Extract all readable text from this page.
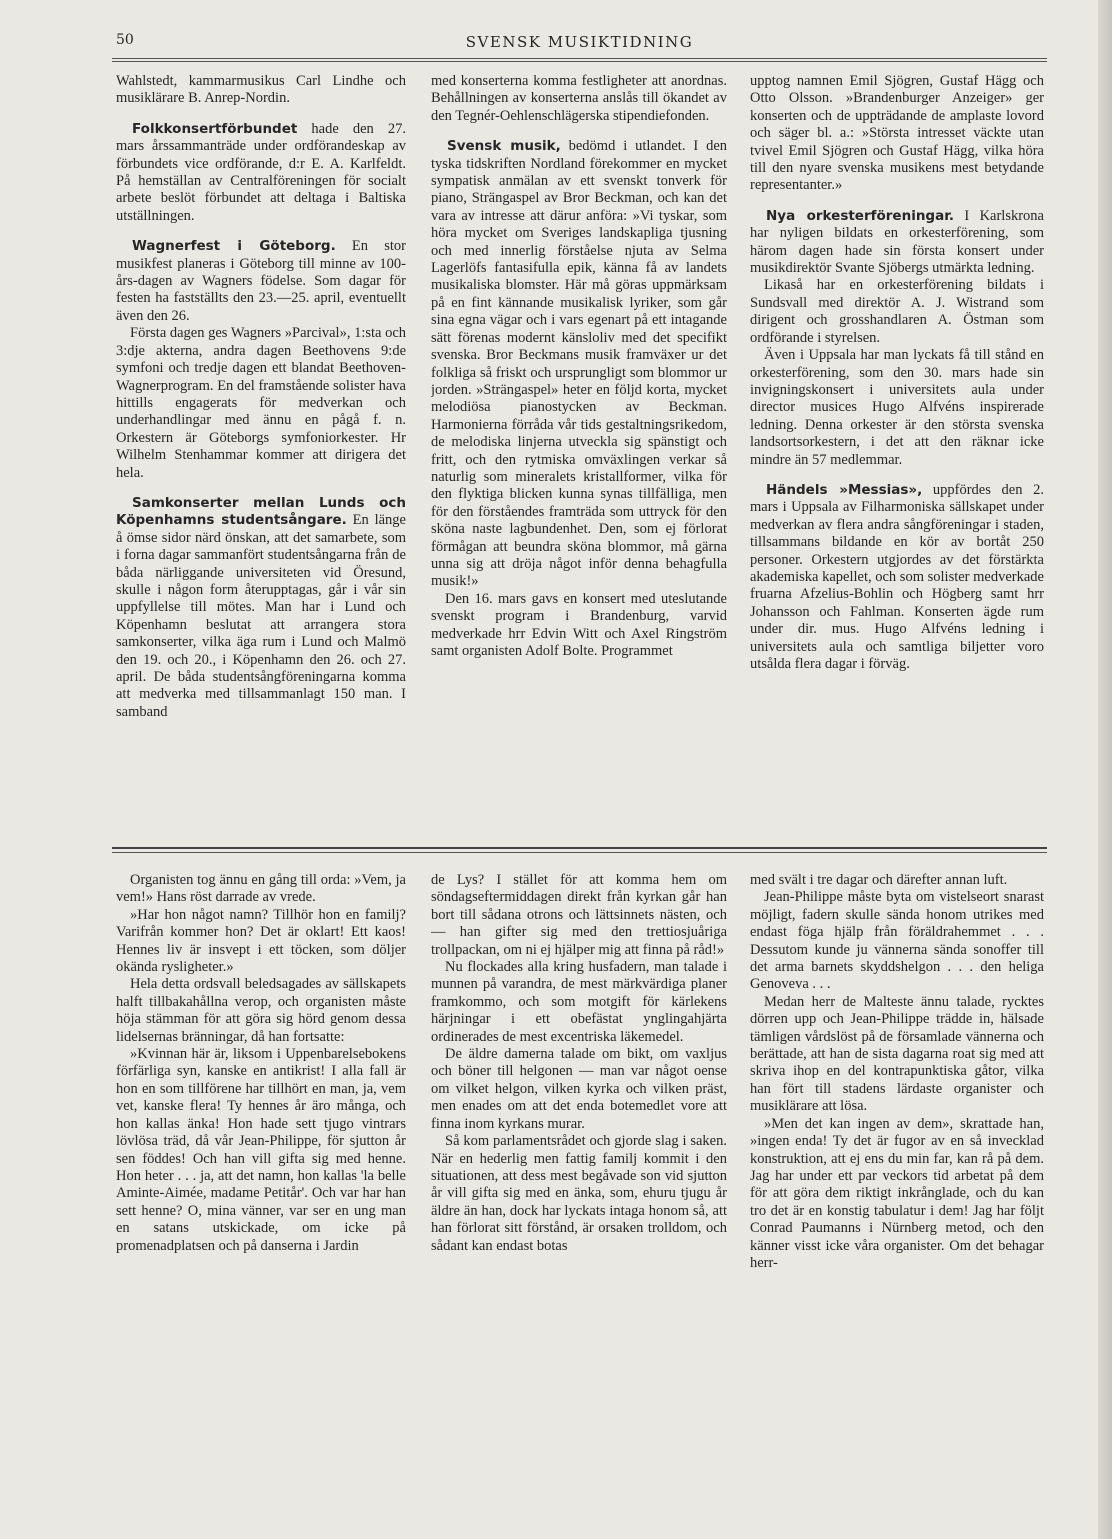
50	SVENSK MUSIKTIDNING

Wahlstedt, kammarmusikus Carl Lindhe och musiklärare B. Anrep-Nordin.

Folkkonsertförbundet hade den 27. mars årssammanträde under ordförandeskap av förbundets vice ordförande, d:r E. A. Karlfeldt. På hemställan av Centralföreningen för socialt arbete beslöt förbundet att deltaga i Baltiska utställningen.

Wagnerfest i Göteborg. En stor musikfest planeras i Göteborg till minne av 100-års-dagen av Wagners födelse. Som dagar för festen ha fastställts den 23.—25. april, eventuellt även den 26.

Första dagen ges Wagners »Parcival», 1:sta och 3:dje akterna, andra dagen Beethovens 9:de symfoni och tredje dagen ett blandat Beethoven-Wagnerprogram. En del framstående solister hava hittills engagerats för medverkan och underhandlingar med ännu en pågå f. n. Orkestern är Göteborgs symfoniorkester. Hr Wilhelm Stenhammar kommer att dirigera det hela.

Samkonserter mellan Lunds och Köpenhamns studentsångare. En länge å ömse sidor närd önskan, att det samarbete, som i forna dagar sammanfört studentsångarna från de båda närliggande universiteten vid Öresund, skulle i någon form återupptagas, går i vår sin uppfyllelse till mötes. Man har i Lund och Köpenhamn beslutat att arrangera stora samkonserter, vilka äga rum i Lund och Malmö den 19. och 20., i Köpenhamn den 26. och 27. april. De båda studentsångföreningarna komma att medverka med tillsammanlagt 150 man. I samband

med konserterna komma festligheter att anordnas. Behållningen av konserterna anslås till ökandet av den Tegnér-Oehlenschlägerska stipendiefonden.

Svensk musik, bedömd i utlandet. I den tyska tidskriften Nordland förekommer en mycket sympatisk anmälan av ett svenskt tonverk för piano, Strängaspel av Bror Beckman, och kan det vara av intresse att därur anföra: »Vi tyskar, som höra mycket om Sveriges landskapliga tjusning och med innerlig förståelse njuta av Selma Lagerlöfs fantasifulla epik, känna få av landets musikaliska blomster. Här må göras uppmärksam på en fint kännande musikalisk lyriker, som går sina egna vägar och i vars egenart på ett intagande sätt förenas modernt känsloliv med det specifikt svenska. Bror Beckmans musik framväxer ur det folkliga så friskt och ursprungligt som blommor ur jorden. »Strängaspel» heter en följd korta, mycket melodiösa pianostycken av Beckman. Harmonierna förråda vår tids gestaltningsrikedom, de melodiska linjerna utveckla sig spänstigt och fritt, och den rytmiska omväxlingen verkar så naturlig som mineralets kristallformer, vilka för den flyktiga blicken kunna synas tillfälliga, men för den förståendes framträda som uttryck för den sköna naste lagbundenhet. Den, som ej förlorat förmågan att beundra sköna blommor, må gärna unna sig att dröja något inför denna behagfulla musik!»

Den 16. mars gavs en konsert med uteslutande svenskt program i Brandenburg, varvid medverkade hrr Edvin Witt och Axel Ringström samt organisten Adolf Bolte. Programmet

upptog namnen Emil Sjögren, Gustaf Hägg och Otto Olsson. »Brandenburger Anzeiger» ger konserten och de uppträdande de amplaste lovord och säger bl. a.: »Största intresset väckte utan tvivel Emil Sjögren och Gustaf Hägg, vilka höra till den nyare svenska musikens mest betydande representanter.»

Nya orkesterföreningar. I Karlskrona har nyligen bildats en orkesterförening, som härom dagen hade sin första konsert under musikdirektör Svante Sjöbergs utmärkta ledning.

Likaså har en orkesterförening bildats i Sundsvall med direktör A. J. Wistrand som dirigent och grosshandlaren A. Östman som ordförande i styrelsen.

Även i Uppsala har man lyckats få till stånd en orkesterförening, som den 30. mars hade sin invigningskonsert i universitets aula under director musices Hugo Alfvéns inspirerade ledning. Denna orkester är den största svenska landsortsorkestern, i det att den räknar icke mindre än 57 medlemmar.

Händels »Messias», uppfördes den 2. mars i Uppsala av Filharmoniska sällskapet under medverkan av flera andra sångföreningar i staden, tillsammans bildande en kör av bortåt 250 personer. Orkestern utgjordes av det förstärkta akademiska kapellet, och som solister medverkade fruarna Afzelius-Bohlin och Högberg samt hrr Johansson och Fahlman. Konserten ägde rum under dir. mus. Hugo Alfvéns ledning i universitets aula och samtliga biljetter voro utsålda flera dagar i förväg.

Organisten tog ännu en gång till orda: »Vem, ja vem!» Hans röst darrade av vrede.

»Har hon något namn? Tillhör hon en familj? Varifrån kommer hon? Det är oklart! Ett kaos! Hennes liv är insvept i ett töcken, som döljer okända rysligheter.»

Hela detta ordsvall beledsagades av sällskapets halft tillbakahållna verop, och organisten måste höja stämman för att göra sig hörd genom dessa lidelsernas bränningar, då han fortsatte:

»Kvinnan här är, liksom i Uppenbarelsebokens förfärliga syn, kanske en antikrist! I alla fall är hon en som tillförene har tillhört en man, ja, vem vet, kanske flera! Ty hennes år äro många, och hon kallas änka! Hon hade sett tjugo vintrars lövlösa träd, då vår Jean-Philippe, för sjutton år sen föddes! Och han vill gifta sig med henne. Hon heter . . . ja, att det namn, hon kallas 'la belle Aminte-Aimée, madame Petitår'. Och var har han sett henne? O, mina vänner, var ser en ung man en satans utskickade, om icke på promenadplatsen och på danserna i Jardin

de Lys? I stället för att komma hem om söndagseftermiddagen direkt från kyrkan går han bort till sådana otrons och lättsinnets nästen, och — han gifter sig med den trettiosjuåriga trollpackan, om ni ej hjälper mig att finna på råd!»

Nu flockades alla kring husfadern, man talade i munnen på varandra, de mest märkvärdiga planer framkommo, och som motgift för kärlekens härjningar i ett obefästat ynglingahjärta ordinerades de mest excentriska läkemedel.

De äldre damerna talade om bikt, om vaxljus och böner till helgonen — man var något oense om vilket helgon, vilken kyrka och vilken präst, men enades om att det enda botemedlet vore att finna inom kyrkans murar.

Så kom parlamentsrådet och gjorde slag i saken. När en hederlig men fattig familj kommit i den situationen, att dess mest begåvade son vid sjutton år vill gifta sig med en änka, som, ehuru tjugu år äldre än han, dock har lyckats intaga honom så, att han förlorat sitt förstånd, är orsaken trolldom, och sådant kan endast botas

med svält i tre dagar och därefter annan luft.

Jean-Philippe måste byta om vistelseort snarast möjligt, fadern skulle sända honom utrikes med endast föga hjälp från föräldrahemmet . . . Dessutom kunde ju vännerna sända sonoffer till det arma barnets skyddshelgon . . . den heliga Genoveva . . .

Medan herr de Malteste ännu talade, rycktes dörren upp och Jean-Philippe trädde in, hälsade tämligen vårdslöst på de församlade vännerna och berättade, att han de sista dagarna roat sig med att skriva ihop en del kontrapunktiska gåtor, vilka han fört till stadens lärdaste organister och musiklärare att lösa.

»Men det kan ingen av dem», skrattade han, »ingen enda! Ty det är fugor av en så invecklad konstruktion, att ej ens du min far, kan rå på dem. Jag har under ett par veckors tid arbetat på dem för att göra dem riktigt inkrånglade, och du kan tro det är en konstig tabulatur i dem! Jag har följt Conrad Paumanns i Nürnberg metod, och den känner visst icke våra organister. Om det behagar herr-
